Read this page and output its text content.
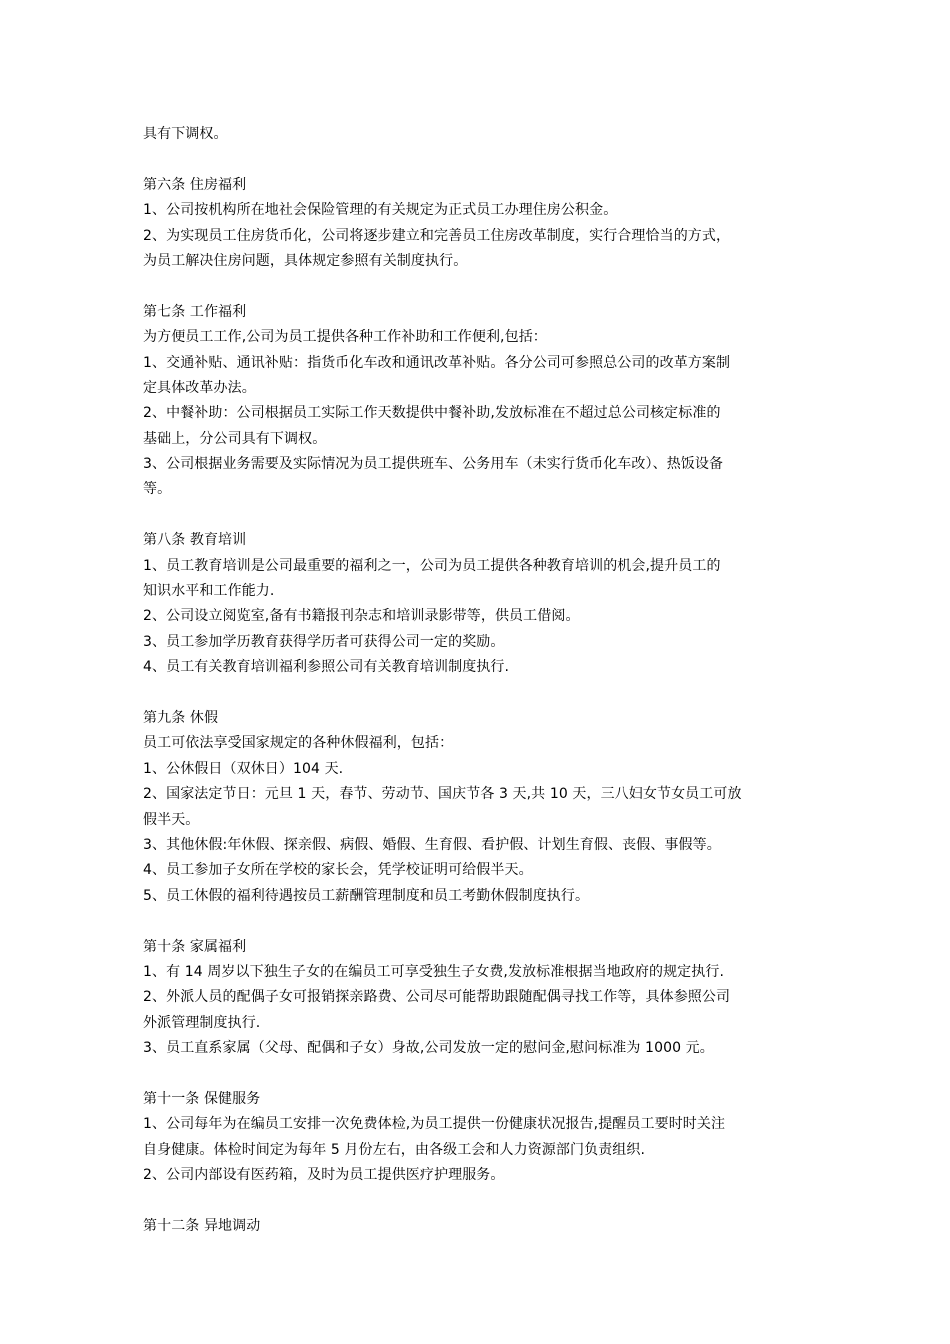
具有下调权。
第六条 住房福利
1、公司按机构所在地社会保险管理的有关规定为正式员工办理住房公积金。
2、为实现员工住房货币化，公司将逐步建立和完善员工住房改革制度，实行合理恰当的方式，
为员工解决住房问题，具体规定参照有关制度执行。
第七条 工作福利
为方便员工工作,公司为员工提供各种工作补助和工作便利,包括：
1、交通补贴、通讯补贴：指货币化车改和通讯改革补贴。各分公司可参照总公司的改革方案制
定具体改革办法。
2、中餐补助：公司根据员工实际工作天数提供中餐补助,发放标准在不超过总公司核定标准的
基础上，分公司具有下调权。
3、公司根据业务需要及实际情况为员工提供班车、公务用车（未实行货币化车改）、热饭设备
等。
第八条 教育培训
1、员工教育培训是公司最重要的福利之一，公司为员工提供各种教育培训的机会,提升员工的
知识水平和工作能力.
2、公司设立阅览室,备有书籍报刊杂志和培训录影带等，供员工借阅。
3、员工参加学历教育获得学历者可获得公司一定的奖励。
4、员工有关教育培训福利参照公司有关教育培训制度执行.
第九条 休假
员工可依法享受国家规定的各种休假福利，包括：
1、公休假日（双休日）104 天.
2、国家法定节日：元旦 1 天，春节、劳动节、国庆节各 3 天,共 10 天，三八妇女节女员工可放
假半天。
3、其他休假:年休假、探亲假、病假、婚假、生育假、看护假、计划生育假、丧假、事假等。
4、员工参加子女所在学校的家长会，凭学校证明可给假半天。
5、员工休假的福利待遇按员工薪酬管理制度和员工考勤休假制度执行。
第十条 家属福利
1、有 14 周岁以下独生子女的在编员工可享受独生子女费,发放标准根据当地政府的规定执行.
2、外派人员的配偶子女可报销探亲路费、公司尽可能帮助跟随配偶寻找工作等，具体参照公司
外派管理制度执行.
3、员工直系家属（父母、配偶和子女）身故,公司发放一定的慰问金,慰问标准为 1000 元。
第十一条 保健服务
1、公司每年为在编员工安排一次免费体检,为员工提供一份健康状况报告,提醒员工要时时关注
自身健康。体检时间定为每年 5 月份左右，由各级工会和人力资源部门负责组织.
2、公司内部设有医药箱，及时为员工提供医疗护理服务。
第十二条 异地调动
